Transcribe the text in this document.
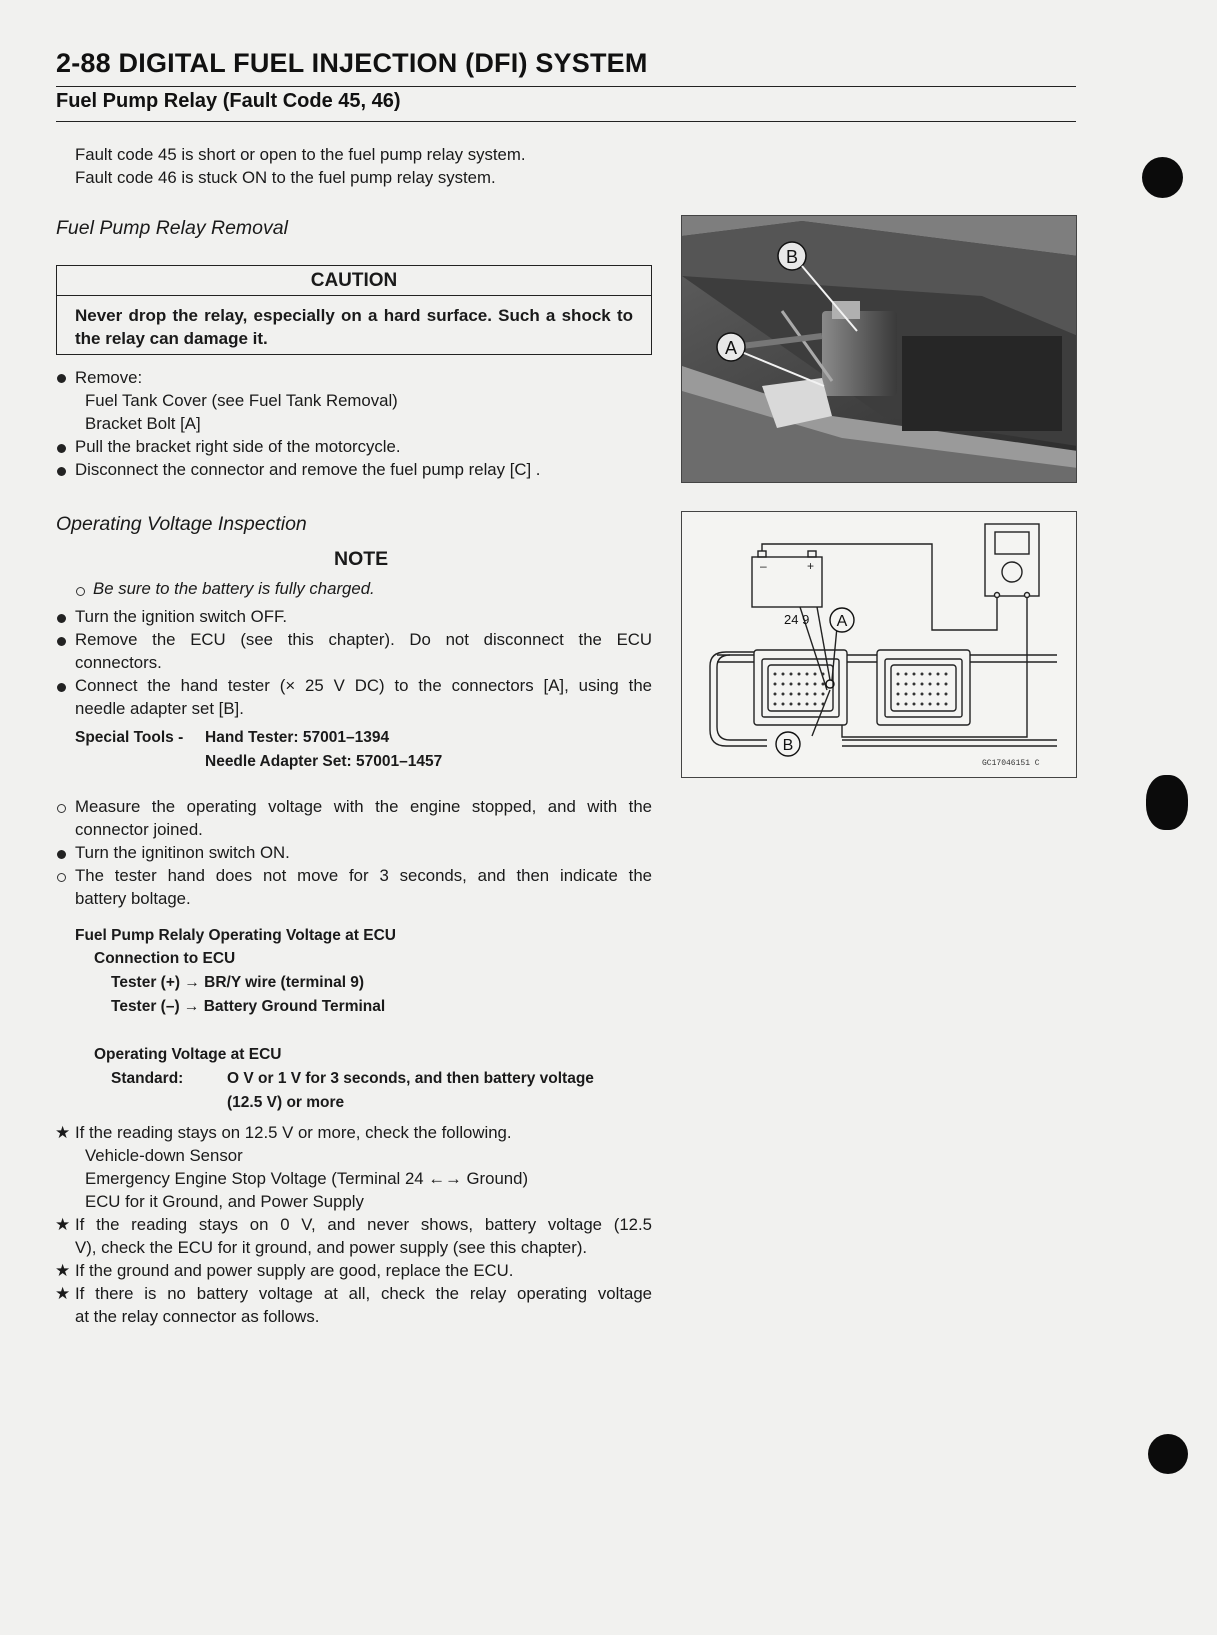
2-88 DIGITAL FUEL INJECTION (DFI) SYSTEM
Fuel Pump Relay (Fault Code 45, 46)
Fault code 45 is short or open to the fuel pump relay system.
Fault code 46 is stuck ON to the fuel pump relay system.
Fuel Pump Relay Removal
CAUTION
Never drop the relay, especially on a hard surface. Such a shock to the relay can damage it.
Remove:
Fuel Tank Cover (see Fuel Tank Removal)
Bracket Bolt [A]
Pull the bracket right side of the motorcycle.
Disconnect the connector and remove the fuel pump relay [C] .
Operating Voltage Inspection
NOTE
Be sure to the battery is fully charged.
Turn the ignition switch OFF.
Remove the ECU (see this chapter). Do not disconnect the ECU
connectors.
Connect the hand tester (× 25 V DC) to the connectors [A], using the
needle adapter set [B].
Special Tools - Hand Tester: 57001–1394
Needle Adapter Set: 57001–1457
Measure the operating voltage with the engine stopped, and with the
connector joined.
Turn the ignitinon switch ON.
The tester hand does not move for 3 seconds, and then indicate the
battery boltage.
Fuel Pump Relaly Operating Voltage at ECU
Connection to ECU
Tester (+) → BR/Y wire (terminal 9)
Tester (–) → Battery Ground Terminal
Operating Voltage at ECU
Standard:	O V or 1 V for 3 seconds, and then battery voltage
(12.5 V) or more
★ If the reading stays on 12.5 V or more, check the following.
Vehicle-down Sensor
Emergency Engine Stop Voltage (Terminal 24 ←→ Ground)
ECU for it Ground, and Power Supply
★ If the reading stays on 0 V, and never shows, battery voltage (12.5
V), check the ECU for it ground, and power supply (see this chapter).
★ If the ground and power supply are good, replace the ECU.
★ If there is no battery voltage at all, check the relay operating voltage
at the relay connector as follows.
B
A
–	+
24 9 A
B
GC17046151 C
